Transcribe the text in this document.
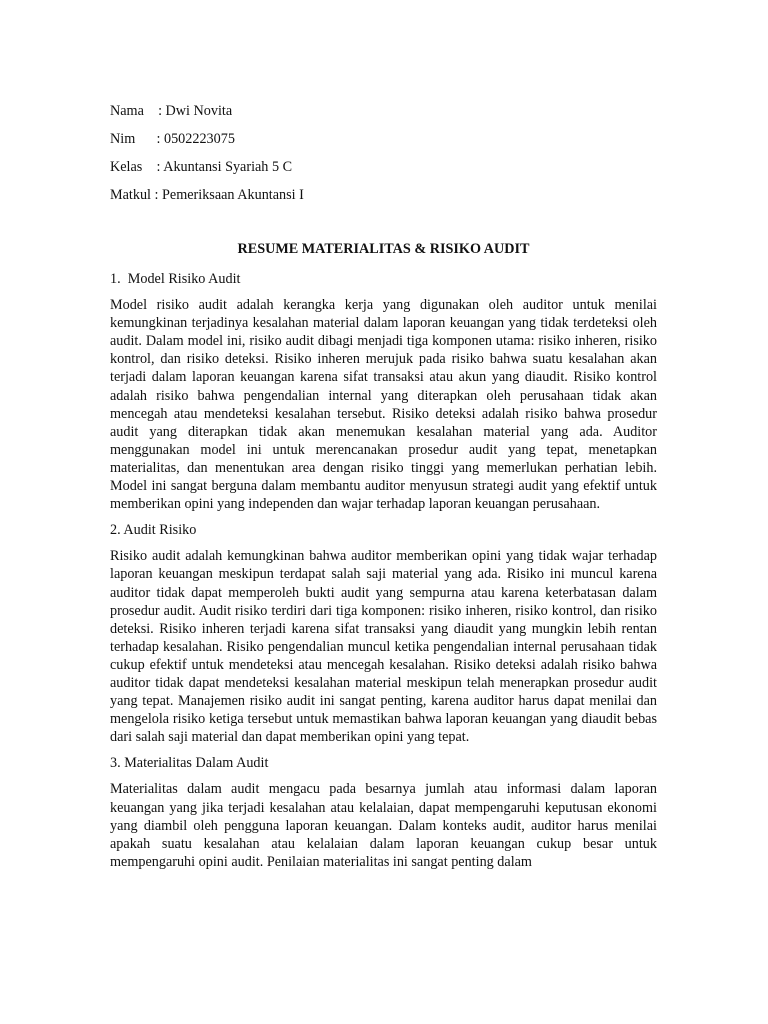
Nama    : Dwi Novita
Nim      : 0502223075
Kelas    : Akuntansi Syariah 5 C
Matkul : Pemeriksaan Akuntansi I
RESUME MATERIALITAS & RISIKO AUDIT
1.  Model Risiko Audit
Model risiko audit adalah kerangka kerja yang digunakan oleh auditor untuk menilai kemungkinan terjadinya kesalahan material dalam laporan keuangan yang tidak terdeteksi oleh audit. Dalam model ini, risiko audit dibagi menjadi tiga komponen utama: risiko inheren, risiko kontrol, dan risiko deteksi. Risiko inheren merujuk pada risiko bahwa suatu kesalahan akan terjadi dalam laporan keuangan karena sifat transaksi atau akun yang diaudit. Risiko kontrol adalah risiko bahwa pengendalian internal yang diterapkan oleh perusahaan tidak akan mencegah atau mendeteksi kesalahan tersebut. Risiko deteksi adalah risiko bahwa prosedur audit yang diterapkan tidak akan menemukan kesalahan material yang ada. Auditor menggunakan model ini untuk merencanakan prosedur audit yang tepat, menetapkan materialitas, dan menentukan area dengan risiko tinggi yang memerlukan perhatian lebih. Model ini sangat berguna dalam membantu auditor menyusun strategi audit yang efektif untuk memberikan opini yang independen dan wajar terhadap laporan keuangan perusahaan.
2. Audit Risiko
Risiko audit adalah kemungkinan bahwa auditor memberikan opini yang tidak wajar terhadap laporan keuangan meskipun terdapat salah saji material yang ada. Risiko ini muncul karena auditor tidak dapat memperoleh bukti audit yang sempurna atau karena keterbatasan dalam prosedur audit. Audit risiko terdiri dari tiga komponen: risiko inheren, risiko kontrol, dan risiko deteksi. Risiko inheren terjadi karena sifat transaksi yang diaudit yang mungkin lebih rentan terhadap kesalahan. Risiko pengendalian muncul ketika pengendalian internal perusahaan tidak cukup efektif untuk mendeteksi atau mencegah kesalahan. Risiko deteksi adalah risiko bahwa auditor tidak dapat mendeteksi kesalahan material meskipun telah menerapkan prosedur audit yang tepat. Manajemen risiko audit ini sangat penting, karena auditor harus dapat menilai dan mengelola risiko ketiga tersebut untuk memastikan bahwa laporan keuangan yang diaudit bebas dari salah saji material dan dapat memberikan opini yang tepat.
3. Materialitas Dalam Audit
Materialitas dalam audit mengacu pada besarnya jumlah atau informasi dalam laporan keuangan yang jika terjadi kesalahan atau kelalaian, dapat mempengaruhi keputusan ekonomi yang diambil oleh pengguna laporan keuangan. Dalam konteks audit, auditor harus menilai apakah suatu kesalahan atau kelalaian dalam laporan keuangan cukup besar untuk mempengaruhi opini audit. Penilaian materialitas ini sangat penting dalam
